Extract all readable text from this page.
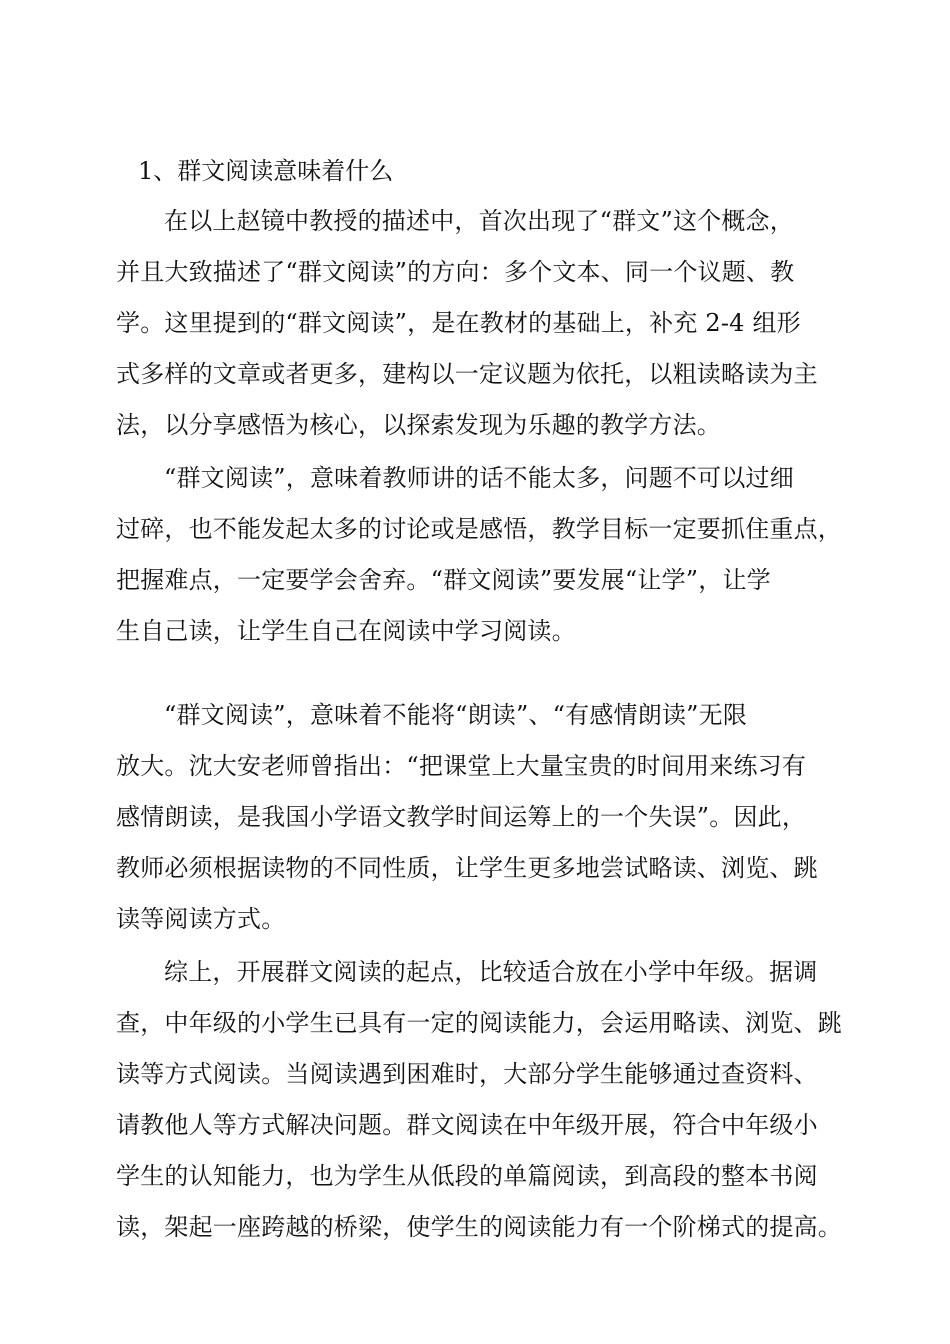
1、群文阅读意味着什么
在以上赵镜中教授的描述中，首次出现了“群文”这个概念，
并且大致描述了“群文阅读”的方向：多个文本、同一个议题、教
学。这里提到的“群文阅读”，是在教材的基础上，补充 2-4 组形
式多样的文章或者更多，建构以一定议题为依托，以粗读略读为主
法，以分享感悟为核心，以探索发现为乐趣的教学方法。
“群文阅读”，意味着教师讲的话不能太多，问题不可以过细
过碎，也不能发起太多的讨论或是感悟，教学目标一定要抓住重点，
把握难点，一定要学会舍弃。“群文阅读”要发展“让学”，让学
生自己读，让学生自己在阅读中学习阅读。
“群文阅读”，意味着不能将“朗读”、“有感情朗读”无限
放大。沈大安老师曾指出：“把课堂上大量宝贵的时间用来练习有
感情朗读，是我国小学语文教学时间运筹上的一个失误”。因此，
教师必须根据读物的不同性质，让学生更多地尝试略读、浏览、跳
读等阅读方式。
综上，开展群文阅读的起点，比较适合放在小学中年级。据调
查，中年级的小学生已具有一定的阅读能力，会运用略读、浏览、跳
读等方式阅读。当阅读遇到困难时，大部分学生能够通过查资料、
请教他人等方式解决问题。群文阅读在中年级开展，符合中年级小
学生的认知能力，也为学生从低段的单篇阅读，到高段的整本书阅
读，架起一座跨越的桥梁，使学生的阅读能力有一个阶梯式的提高。
